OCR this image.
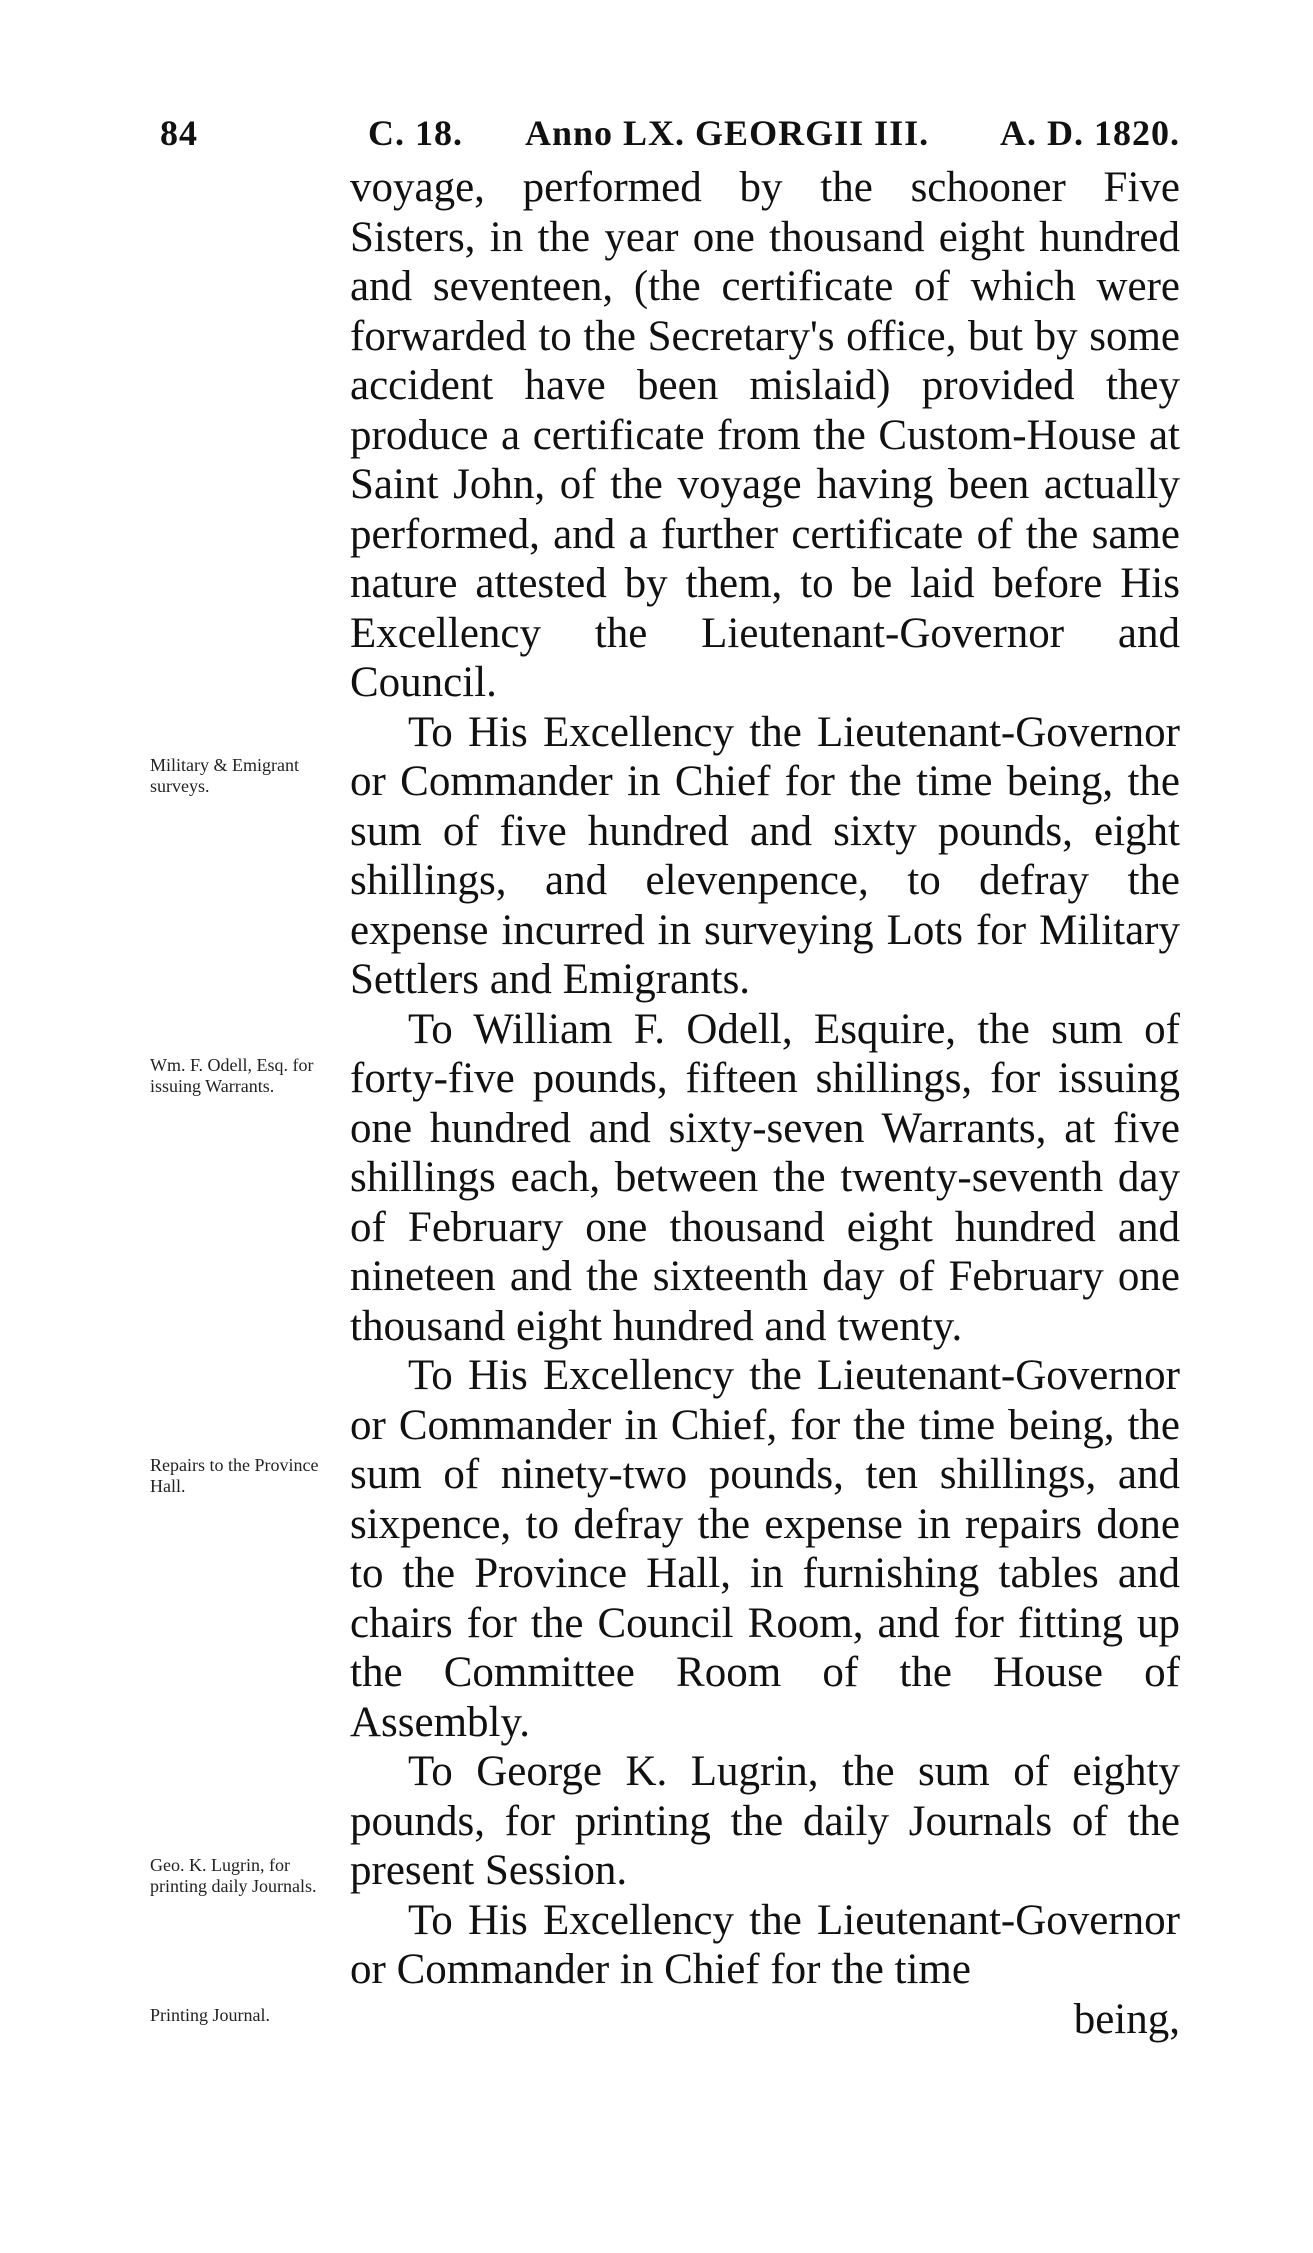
84	C. 18. Anno LX. GEORGII III. A. D. 1820.

voyage, performed by the schooner Five Sisters, in the year one thousand eight hundred and seventeen, (the certificate of which were forwarded to the Secretary's office, but by some accident have been mislaid) provided they produce a certificate from the Custom-House at Saint John, of the voyage having been actually performed, and a further certificate of the same nature attested by them, to be laid before His Excellency the Lieutenant-Governor and Council.

To His Excellency the Lieutenant-Governor or Commander in Chief for the time being, the sum of five hundred and sixty pounds, eight shillings, and elevenpence, to defray the expense incurred in surveying Lots for Military Settlers and Emigrants.

To William F. Odell, Esquire, the sum of forty-five pounds, fifteen shillings, for issuing one hundred and sixty-seven Warrants, at five shillings each, between the twenty-seventh day of February one thousand eight hundred and nineteen and the sixteenth day of February one thousand eight hundred and twenty.

To His Excellency the Lieutenant-Governor or Commander in Chief, for the time being, the sum of ninety-two pounds, ten shillings, and sixpence, to defray the expense in repairs done to the Province Hall, in furnishing tables and chairs for the Council Room, and for fitting up the Committee Room of the House of Assembly.

To George K. Lugrin, the sum of eighty pounds, for printing the daily Journals of the present Session.

To His Excellency the Lieutenant-Governor or Commander in Chief for the time

being,
Military & Emigrant surveys.
Wm. F. Odell, Esq. for issuing Warrants.
Repairs to the Province Hall.
Geo. K. Lugrin, for printing daily Journals.
Printing Journal.
